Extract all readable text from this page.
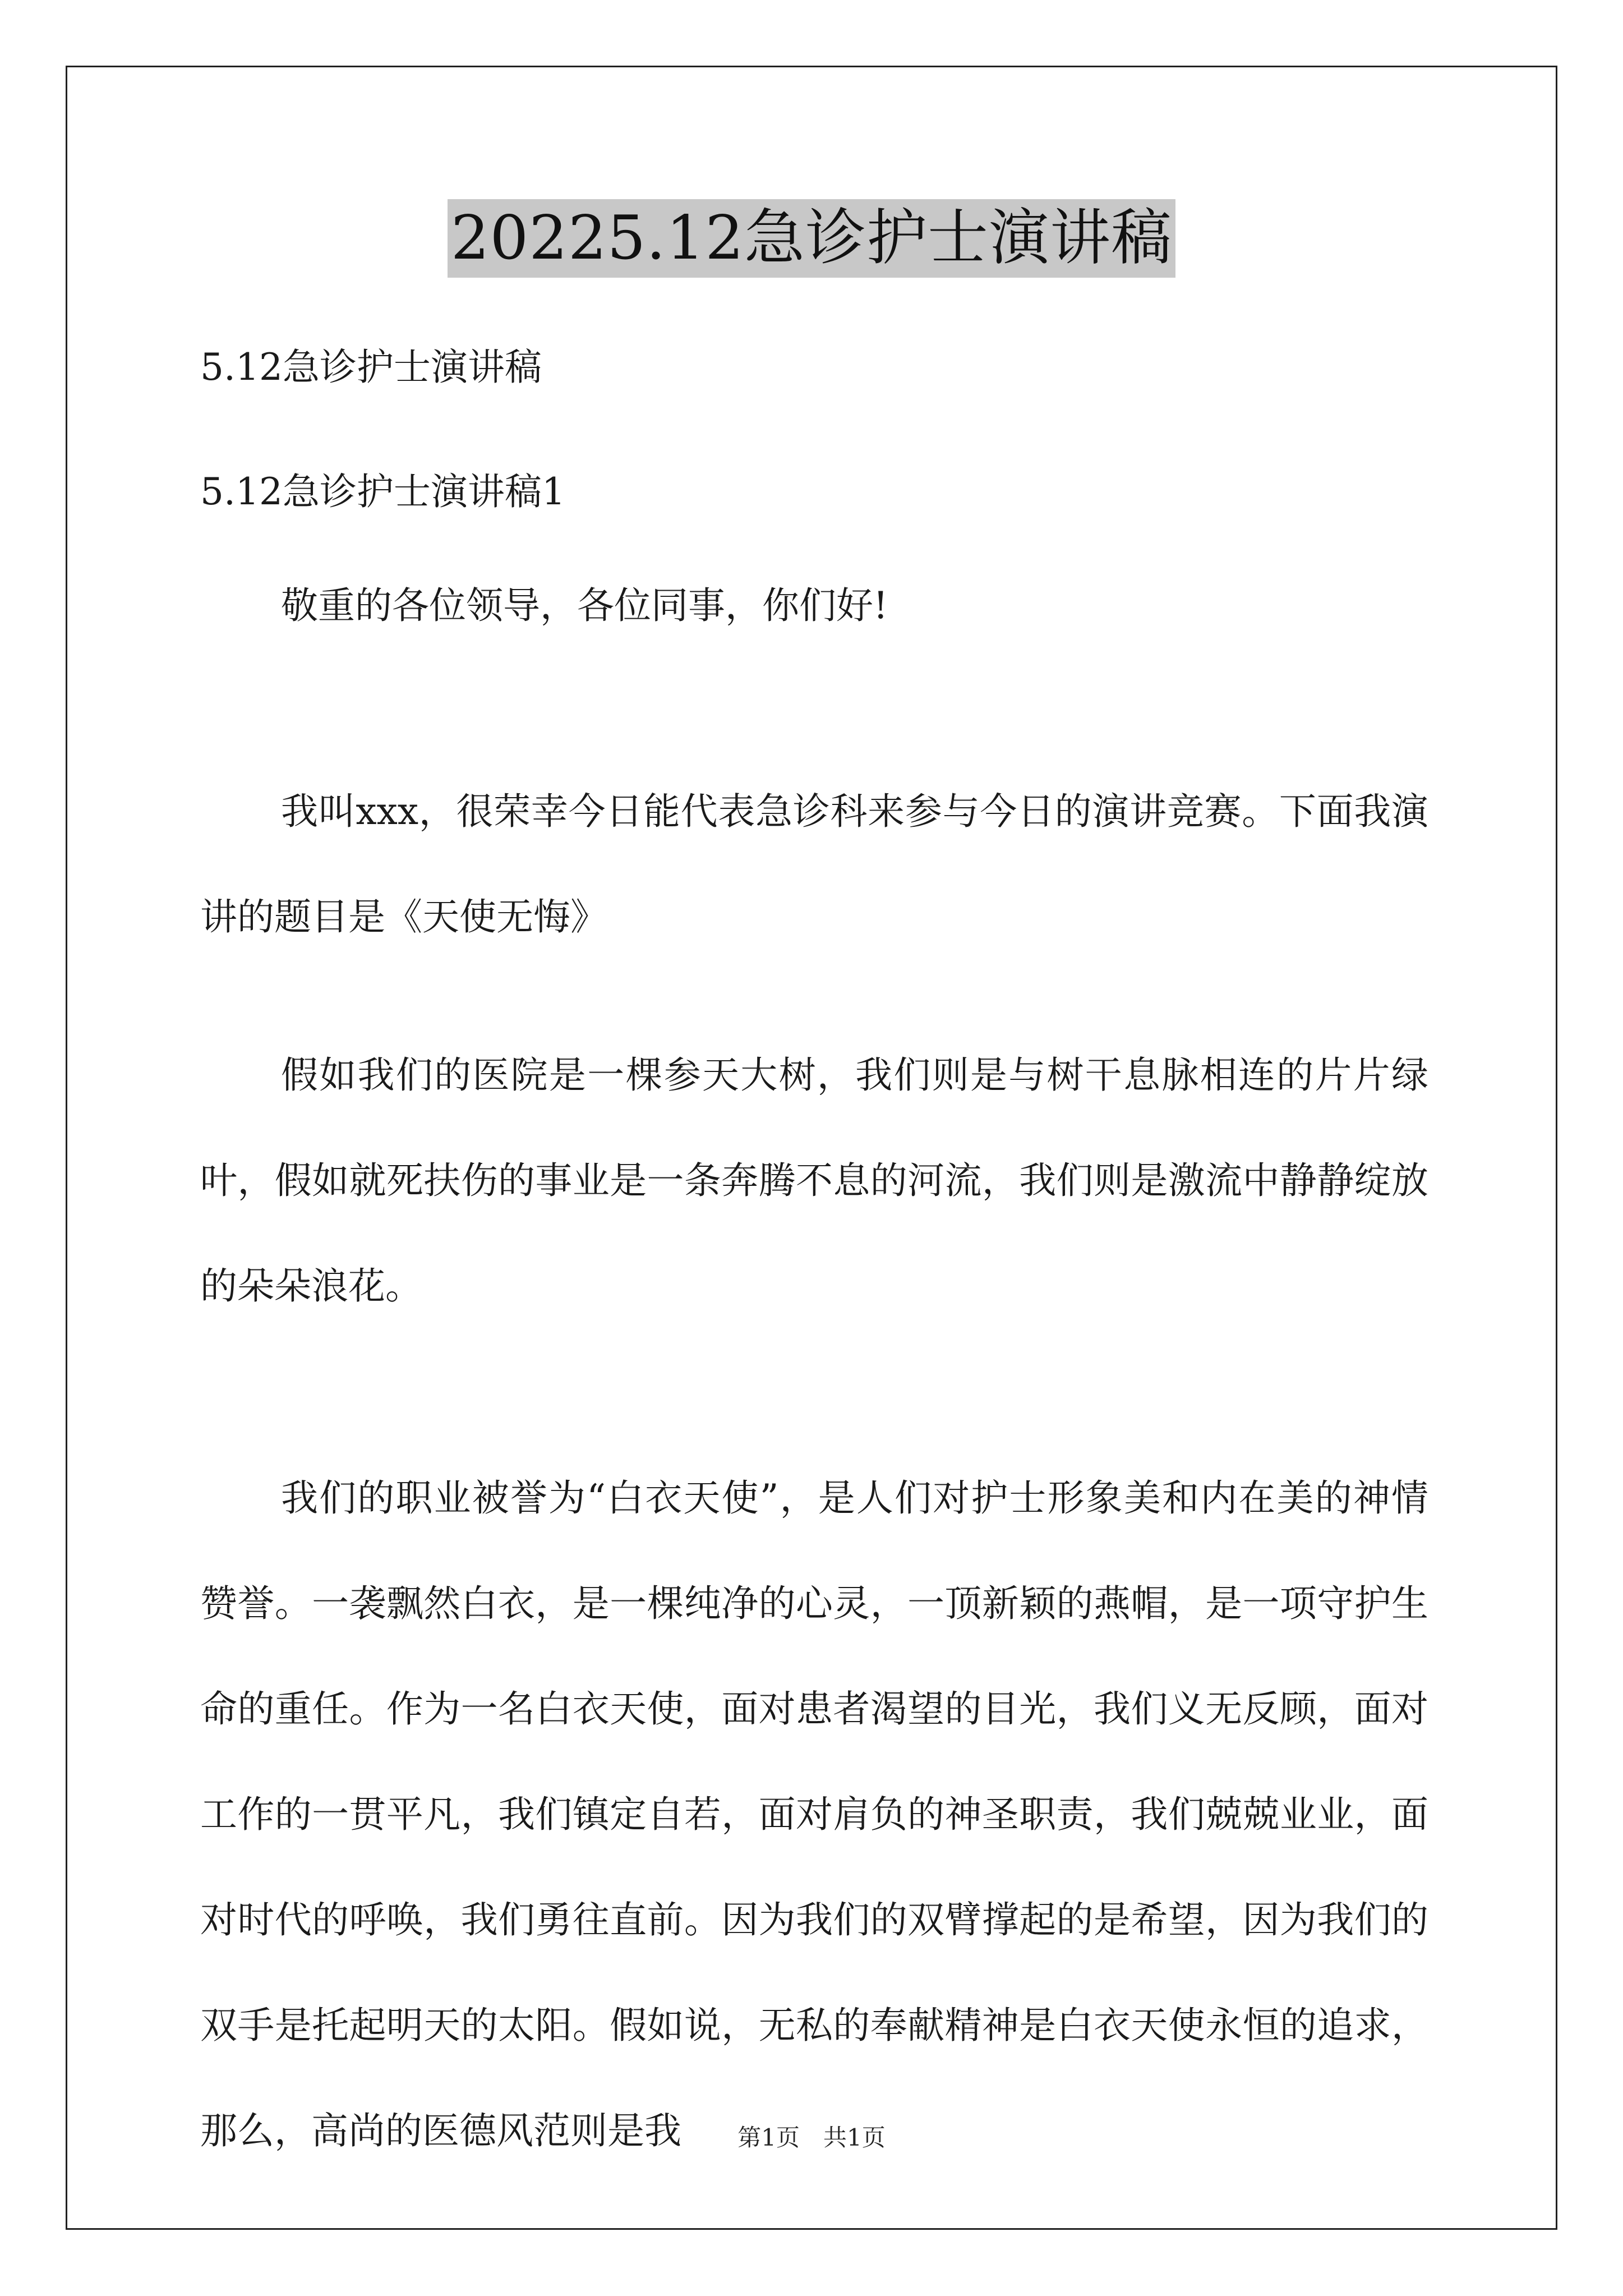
20225.12急诊护士演讲稿

5.12急诊护士演讲稿

5.12急诊护士演讲稿1

敬重的各位领导，各位同事，你们好!

我叫xxx，很荣幸今日能代表急诊科来参与今日的演讲竞赛。下面我演讲的题目是《天使无悔》

假如我们的医院是一棵参天大树，我们则是与树干息脉相连的片片绿叶，假如就死扶伤的事业是一条奔腾不息的河流，我们则是激流中静静绽放的朵朵浪花。

我们的职业被誉为“白衣天使”，是人们对护士形象美和内在美的神情赞誉。一袭飘然白衣，是一棵纯净的心灵，一顶新颖的燕帽，是一项守护生命的重任。作为一名白衣天使，面对患者渴望的目光，我们义无反顾，面对工作的一贯平凡，我们镇定自若，面对肩负的神圣职责，我们兢兢业业，面对时代的呼唤，我们勇往直前。因为我们的双臂撑起的是希望，因为我们的双手是托起明天的太阳。假如说，无私的奉献精神是白衣天使永恒的追求，那么，高尚的医德风范则是我	第1页　共1页
